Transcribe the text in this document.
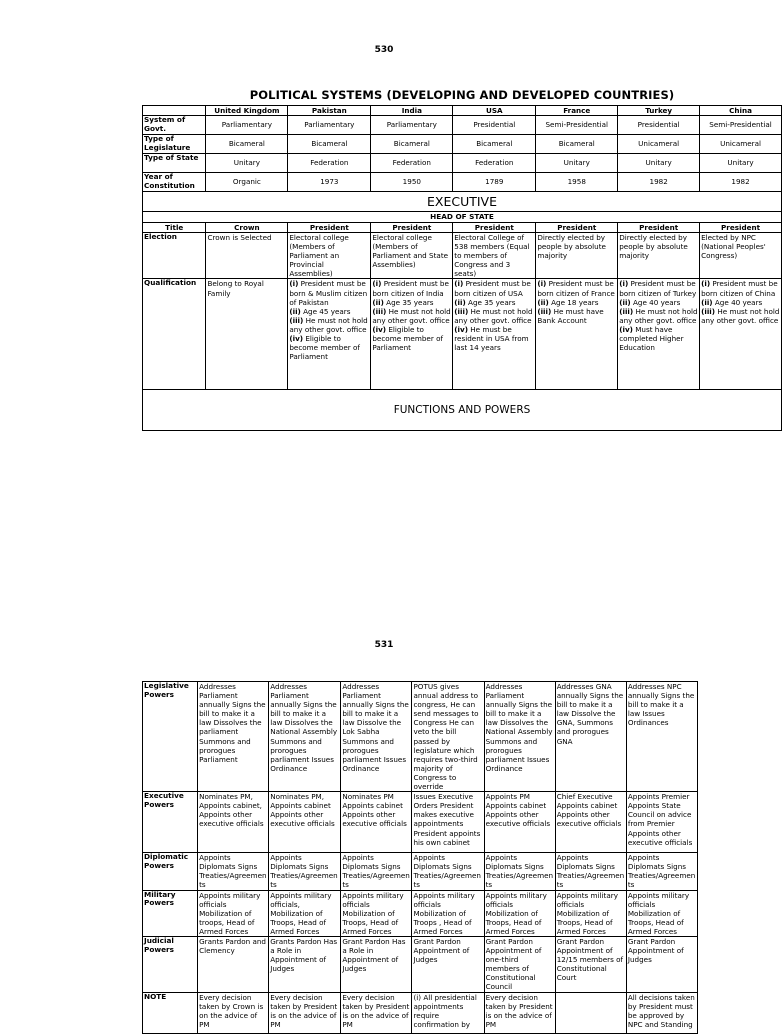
530
POLITICAL SYSTEMS (DEVELOPING AND DEVELOPED COUNTRIES)
	United Kingdom	Pakistan	India	USA	France	Turkey	China
System of Govt.	Parliamentary	Parliamentary	Parliamentary	Presidential	Semi-Presidential	Presidential	Semi-Presidential
Type of Legislature	Bicameral	Bicameral	Bicameral	Bicameral	Bicameral	Unicameral	Unicameral
Type of State	Unitary	Federation	Federation	Federation	Unitary	Unitary	Unitary
Year of Constitution	Organic	1973	1950	1789	1958	1982	1982
EXECUTIVE							
HEAD OF STATE							
Title	Crown	President	President	President	President	President	President
Election	Crown is Selected	Electoral college (Members of Parliament an Provincial Assemblies)	Electoral college (Members of Parliament and State Assemblies)	Electoral College of 538 members (Equal to members of Congress and 3 seats)	Directly elected by people by absolute majority	Directly elected by people by absolute majority	Elected by NPC (National Peoples' Congress)
Qualification	Belong to Royal Family	(i) President must be born & Muslim citizen of Pakistan
(ii) Age 45 years
(iii) He must not hold any other govt. office
(iv) Eligible to become member of Parliament	(i) President must be born citizen of India
(ii) Age 35 years
(iii) He must not hold any other govt. office
(iv) Eligible to become member of Parliament	(i) President must be born citizen of USA
(ii) Age 35 years
(iii) He must not hold any other govt. office
(iv) He must be resident in USA from last 14 years	(i) President must be born citizen of France
(ii) Age 18 years
(iii) He must have Bank Account	(i) President must be born citizen of Turkey
(ii) Age 40 years
(iii) He must not hold any other govt. office
(iv) Must have completed Higher Education	(i) President must be born citizen of China
(ii) Age 40 years
(iii) He must not hold any other govt. office
FUNCTIONS AND POWERS							
531
Legislative Powers	Addresses Parliament annually Signs the bill to make it a law Dissolves the parliament Summons and prorogues Parliament	Addresses Parliament annually Signs the bill to make it a law Dissolves the National Assembly Summons and prorogues parliament Issues Ordinance	Addresses Parliament annually Signs the bill to make it a law Dissolve the Lok Sabha Summons and prorogues parliament Issues Ordinance	POTUS gives annual address to congress, He can send messages to Congress He can veto the bill passed by legislature which requires two-third majority of Congress to override	Addresses Parliament annually Signs the bill to make it a law Dissolves the National Assembly Summons and prorogues parliament Issues Ordinance	Addresses GNA annually Signs the bill to make it a law Dissolve the GNA, Summons and prorogues GNA	Addresses NPC annually Signs the bill to make it a law Issues Ordinances
Executive Powers	Nominates PM, Appoints cabinet, Appoints other executive officials	Nominates PM, Appoints cabinet Appoints other executive officials	Nominates PM Appoints cabinet Appoints other executive officials	Issues Executive Orders President makes executive appointments President appoints his own cabinet	Appoints PM Appoints cabinet Appoints other executive officials	Chief Executive Appoints cabinet Appoints other executive officials	Appoints Premier Appoints State Council on advice from Premier Appoints other executive officials
Diplomatic Powers	Appoints Diplomats Signs Treaties/Agreements	Appoints Diplomats Signs Treaties/Agreements	Appoints Diplomats Signs Treaties/Agreements	Appoints Diplomats Signs Treaties/Agreements	Appoints Diplomats Signs Treaties/Agreements	Appoints Diplomats Signs Treaties/Agreements	Appoints Diplomats Signs Treaties/Agreements
Military Powers	Appoints military officials Mobilization of troops, Head of Armed Forces	Appoints military officials, Mobilization of Troops, Head of Armed Forces	Appoints military officials Mobilization of Troops, Head of Armed Forces	Appoints military officials Mobilization of Troops , Head of Armed Forces	Appoints military officials Mobilization of Troops, Head of Armed Forces	Appoints military officials Mobilization of Troops, Head of Armed Forces	Appoints military officials Mobilization of Troops, Head of Armed Forces
Judicial Powers	Grants Pardon and Clemency	Grants Pardon Has a Role in Appointment of Judges	Grant Pardon Has a Role in Appointment of Judges	Grant Pardon Appointment of Judges	Grant Pardon Appointment of one-third members of Constitutional Council	Grant Pardon Appointment of 12/15 members of Constitutional Court	Grant Pardon Appointment of Judges
NOTE	Every decision taken by Crown is on the advice of PM	Every decision taken by President is on the advice of PM	Every decision taken by President is on the advice of PM	(i) All presidential appointments require confirmation by	Every decision taken by President is on the advice of PM		All decisions taken by President must be approved by NPC and Standing
